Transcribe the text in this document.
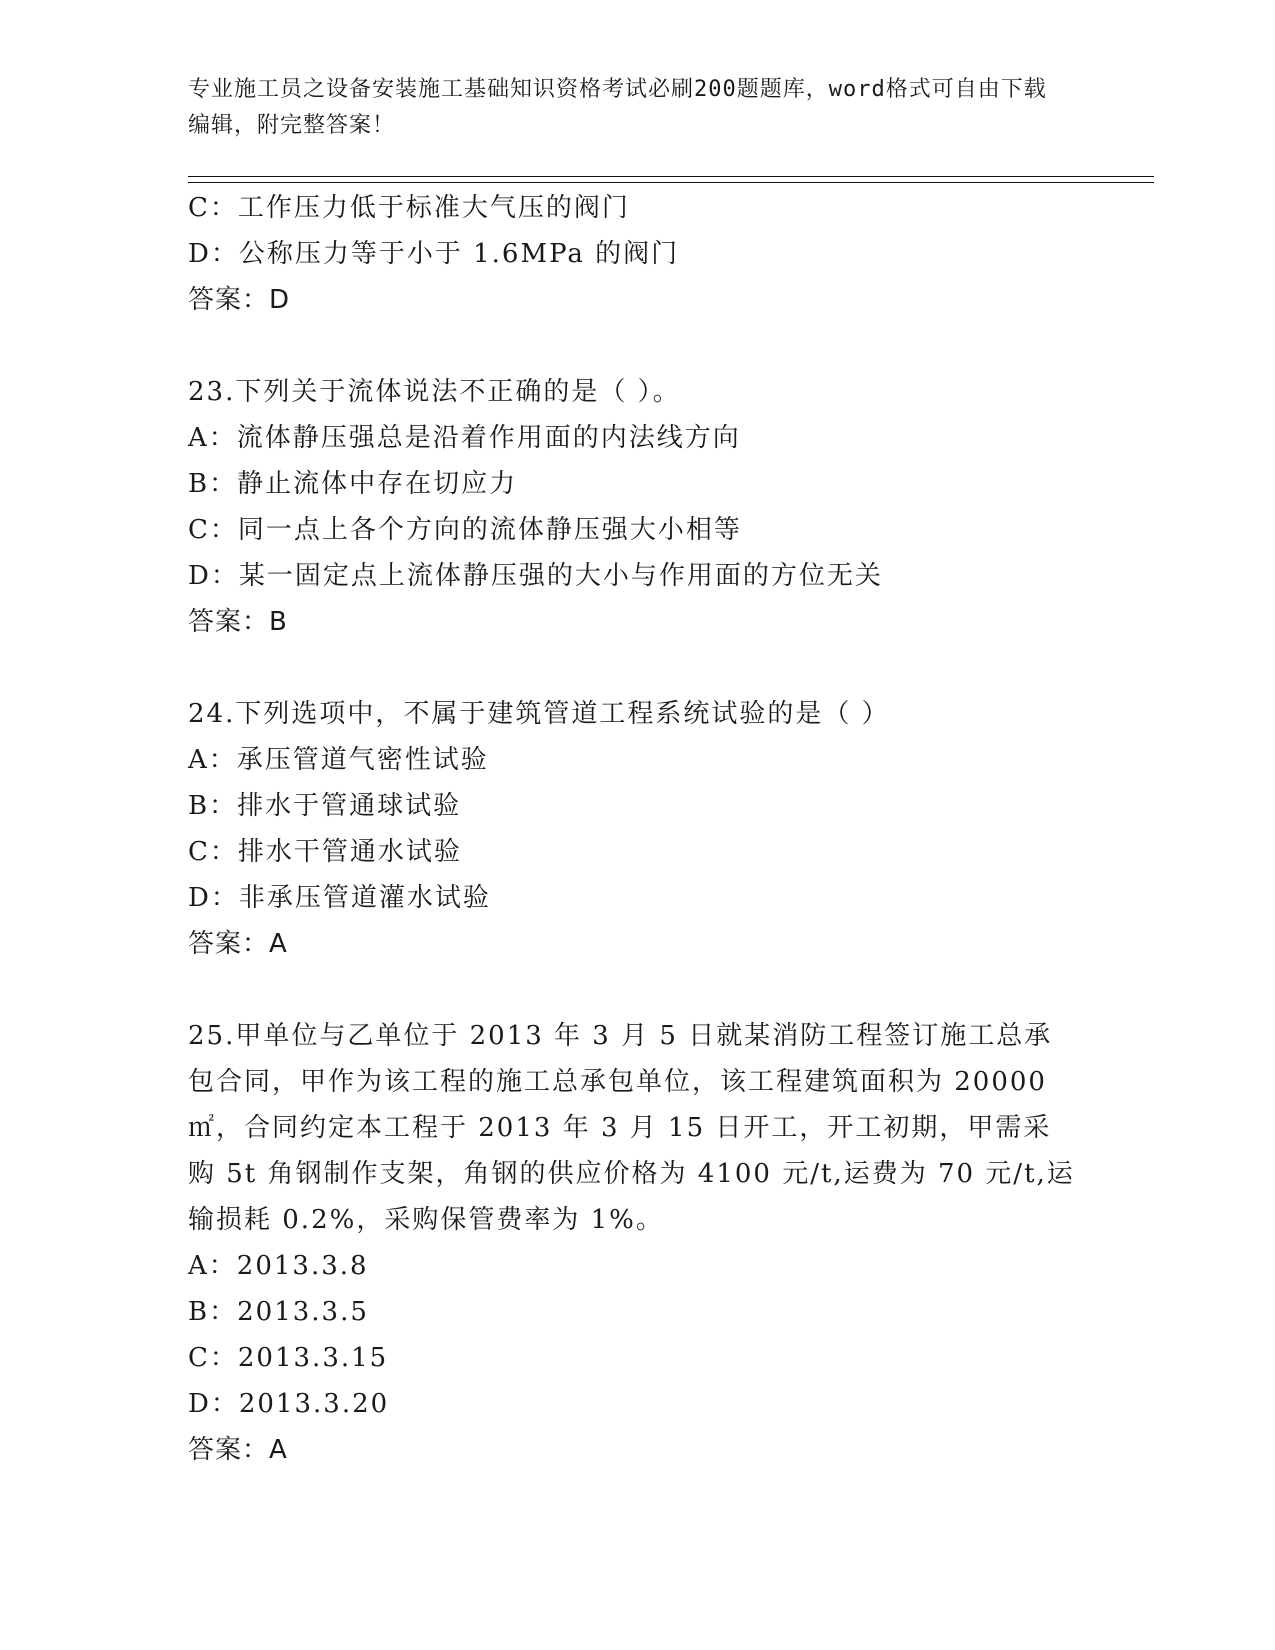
专业施工员之设备安装施工基础知识资格考试必刷200题题库，word格式可自由下载编辑，附完整答案！
C：工作压力低于标准大气压的阀门
D：公称压力等于小于 1.6MPa 的阀门
答案：D
23.下列关于流体说法不正确的是（ ）。
A：流体静压强总是沿着作用面的内法线方向
B：静止流体中存在切应力
C：同一点上各个方向的流体静压强大小相等
D：某一固定点上流体静压强的大小与作用面的方位无关
答案：B
24.下列选项中，不属于建筑管道工程系统试验的是（ ）
A：承压管道气密性试验
B：排水于管通球试验
C：排水干管通水试验
D：非承压管道灌水试验
答案：A
25.甲单位与乙单位于 2013 年 3 月 5 日就某消防工程签订施工总承包合同，甲作为该工程的施工总承包单位，该工程建筑面积为 20000㎡，合同约定本工程于 2013 年 3 月 15 日开工，开工初期，甲需采购 5t 角钢制作支架，角钢的供应价格为 4100 元/t,运费为 70 元/t,运输损耗 0.2%，采购保管费率为 1%。
A：2013.3.8
B：2013.3.5
C：2013.3.15
D：2013.3.20
答案：A
